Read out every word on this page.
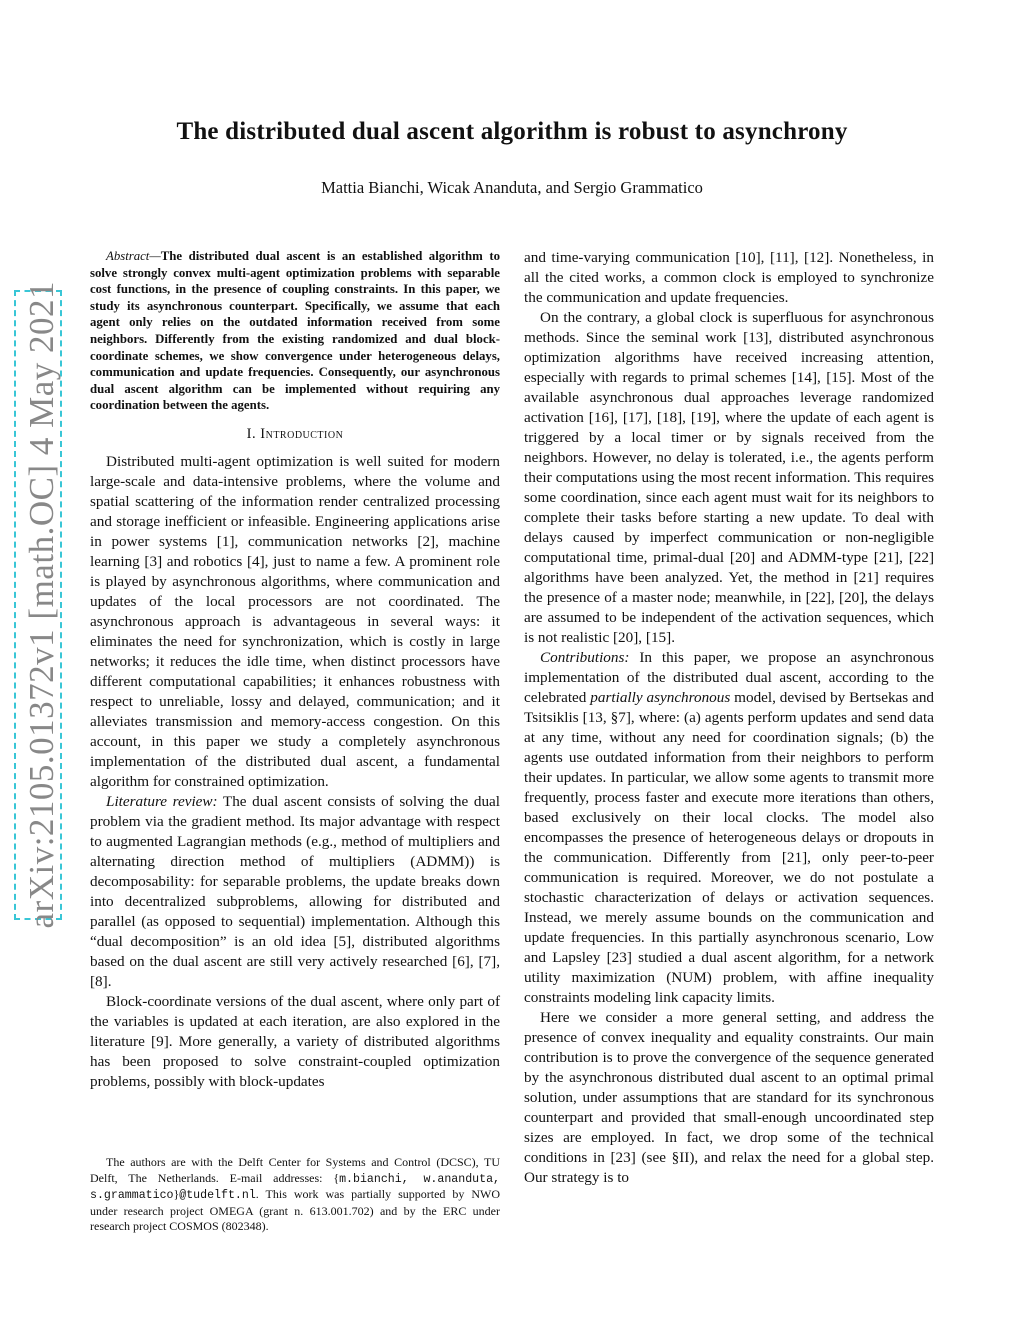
arXiv:2105.01372v1 [math.OC] 4 May 2021
The distributed dual ascent algorithm is robust to asynchrony
Mattia Bianchi, Wicak Ananduta, and Sergio Grammatico

Abstract—The distributed dual ascent is an established algorithm to solve strongly convex multi-agent optimization problems with separable cost functions, in the presence of coupling constraints. In this paper, we study its asynchronous counterpart. Specifically, we assume that each agent only relies on the outdated information received from some neighbors. Differently from the existing randomized and dual block-coordinate schemes, we show convergence under heterogeneous delays, communication and update frequencies. Consequently, our asynchronous dual ascent algorithm can be implemented without requiring any coordination between the agents.

I. Introduction

Distributed multi-agent optimization is well suited for modern large-scale and data-intensive problems, where the volume and spatial scattering of the information render centralized processing and storage inefficient or infeasible. Engineering applications arise in power systems [1], communication networks [2], machine learning [3] and robotics [4], just to name a few. A prominent role is played by asynchronous algorithms, where communication and updates of the local processors are not coordinated. The asynchronous approach is advantageous in several ways: it eliminates the need for synchronization, which is costly in large networks; it reduces the idle time, when distinct processors have different computational capabilities; it enhances robustness with respect to unreliable, lossy and delayed, communication; and it alleviates transmission and memory-access congestion. On this account, in this paper we study a completely asynchronous implementation of the distributed dual ascent, a fundamental algorithm for constrained optimization.

Literature review: The dual ascent consists of solving the dual problem via the gradient method. Its major advantage with respect to augmented Lagrangian methods (e.g., method of multipliers and alternating direction method of multipliers (ADMM)) is decomposability: for separable problems, the update breaks down into decentralized subproblems, allowing for distributed and parallel (as opposed to sequential) implementation. Although this “dual decomposition” is an old idea [5], distributed algorithms based on the dual ascent are still very actively researched [6], [7], [8].

Block-coordinate versions of the dual ascent, where only part of the variables is updated at each iteration, are also explored in the literature [9]. More generally, a variety of distributed algorithms has been proposed to solve constraint-coupled optimization problems, possibly with block-updates

The authors are with the Delft Center for Systems and Control (DCSC), TU Delft, The Netherlands. E-mail addresses: {m.bianchi, w.ananduta, s.grammatico}@tudelft.nl. This work was partially supported by NWO under research project OMEGA (grant n. 613.001.702) and by the ERC under research project COSMOS (802348).

and time-varying communication [10], [11], [12]. Nonetheless, in all the cited works, a common clock is employed to synchronize the communication and update frequencies.

On the contrary, a global clock is superfluous for asynchronous methods. Since the seminal work [13], distributed asynchronous optimization algorithms have received increasing attention, especially with regards to primal schemes [14], [15]. Most of the available asynchronous dual approaches leverage randomized activation [16], [17], [18], [19], where the update of each agent is triggered by a local timer or by signals received from the neighbors. However, no delay is tolerated, i.e., the agents perform their computations using the most recent information. This requires some coordination, since each agent must wait for its neighbors to complete their tasks before starting a new update. To deal with delays caused by imperfect communication or non-negligible computational time, primal-dual [20] and ADMM-type [21], [22] algorithms have been analyzed. Yet, the method in [21] requires the presence of a master node; meanwhile, in [22], [20], the delays are assumed to be independent of the activation sequences, which is not realistic [20], [15].

Contributions: In this paper, we propose an asynchronous implementation of the distributed dual ascent, according to the celebrated partially asynchronous model, devised by Bertsekas and Tsitsiklis [13, §7], where: (a) agents perform updates and send data at any time, without any need for coordination signals; (b) the agents use outdated information from their neighbors to perform their updates. In particular, we allow some agents to transmit more frequently, process faster and execute more iterations than others, based exclusively on their local clocks. The model also encompasses the presence of heterogeneous delays or dropouts in the communication. Differently from [21], only peer-to-peer communication is required. Moreover, we do not postulate a stochastic characterization of delays or activation sequences. Instead, we merely assume bounds on the communication and update frequencies. In this partially asynchronous scenario, Low and Lapsley [23] studied a dual ascent algorithm, for a network utility maximization (NUM) problem, with affine inequality constraints modeling link capacity limits.

Here we consider a more general setting, and address the presence of convex inequality and equality constraints. Our main contribution is to prove the convergence of the sequence generated by the asynchronous distributed dual ascent to an optimal primal solution, under assumptions that are standard for its synchronous counterpart and provided that small-enough uncoordinated step sizes are employed. In fact, we drop some of the technical conditions in [23] (see §II), and relax the need for a global step. Our strategy is to
